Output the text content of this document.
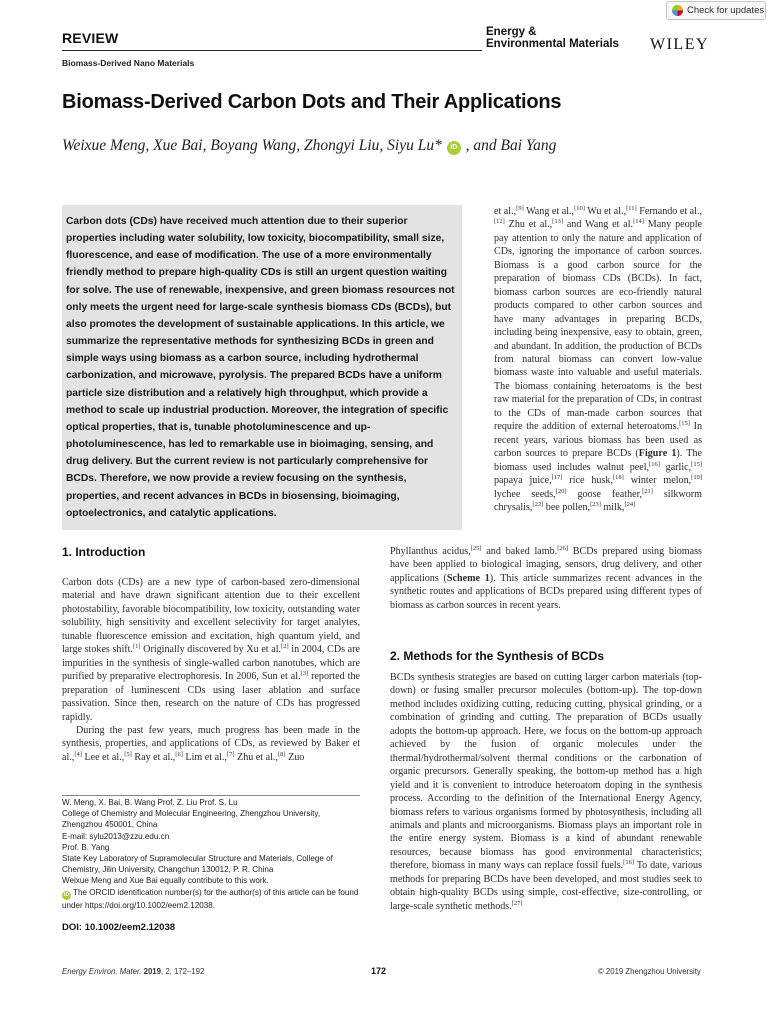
Check for updates
REVIEW	Energy &
Environmental Materials WILEY
Biomass-Derived Nano Materials
Biomass-Derived Carbon Dots and Their Applications
Weixue Meng, Xue Bai, Boyang Wang, Zhongyi Liu, Siyu Lu* iD , and Bai Yang

Carbon dots (CDs) have received much attention due to their superior properties including water solubility, low toxicity, biocompatibility, small size, fluorescence, and ease of modification. The use of a more environmentally friendly method to prepare high-quality CDs is still an urgent question waiting for solve. The use of renewable, inexpensive, and green biomass resources not only meets the urgent need for large-scale synthesis biomass CDs (BCDs), but also promotes the development of sustainable applications. In this article, we summarize the representative methods for synthesizing BCDs in green and simple ways using biomass as a carbon source, including hydrothermal carbonization, and microwave, pyrolysis. The prepared BCDs have a uniform particle size distribution and a relatively high throughput, which provide a method to scale up industrial production. Moreover, the integration of specific optical properties, that is, tunable photoluminescence and up-photoluminescence, has led to remarkable use in bioimaging, sensing, and drug delivery. But the current review is not particularly comprehensive for BCDs. Therefore, we now provide a review focusing on the synthesis, properties, and recent advances in BCDs in biosensing, bioimaging, optoelectronics, and catalytic applications.

et al.,[9] Wang et al.,[10] Wu et al.,[11] Fernando et al.,[12] Zhu et al.,[13] and Wang et al.[14] Many people pay attention to only the nature and application of CDs, ignoring the importance of carbon sources. Biomass is a good carbon source for the preparation of biomass CDs (BCDs). In fact, biomass carbon sources are eco-friendly natural products compared to other carbon sources and have many advantages in preparing BCDs, including being inexpensive, easy to obtain, green, and abundant. In addition, the production of BCDs from natural biomass can convert low-value biomass waste into valuable and useful materials. The biomass containing heteroatoms is the best raw material for the preparation of CDs, in contrast to the CDs of man-made carbon sources that require the addition of external heteroatoms.[15] In recent years, various biomass has been used as carbon sources to prepare BCDs (Figure 1). The biomass used includes walnut peel,[16] garlic,[15] papaya juice,[17] rice husk,[18] winter melon,[19] lychee seeds,[20] goose feather,[21] silkworm chrysalis,[22] bee pollen,[23] milk,[24]
Phyllanthus acidus,[25] and baked lamb.[26] BCDs prepared using biomass have been applied to biological imaging, sensors, drug delivery, and other applications (Scheme 1). This article summarizes recent advances in the synthetic routes and applications of BCDs prepared using different types of biomass as carbon sources in recent years.
1. Introduction

Carbon dots (CDs) are a new type of carbon-based zero-dimensional material and have drawn significant attention due to their excellent photostability, favorable biocompatibility, low toxicity, outstanding water solubility, high sensitivity and excellent selectivity for target analytes, tunable fluorescence emission and excitation, high quantum yield, and large stokes shift.[1] Originally discovered by Xu et al.[2] in 2004, CDs are impurities in the synthesis of single-walled carbon nanotubes, which are purified by preparative electrophoresis. In 2006, Sun et al.[3] reported the preparation of luminescent CDs using laser ablation and surface passivation. Since then, research on the nature of CDs has progressed rapidly.

During the past few years, much progress has been made in the synthesis, properties, and applications of CDs, as reviewed by Baker et al.,[4] Lee et al.,[5] Ray et al.,[6] Lim et al.,[7] Zhu et al.,[8] Zuo

2. Methods for the Synthesis of BCDs

BCDs synthesis strategies are based on cutting larger carbon materials (top-down) or fusing smaller precursor molecules (bottom-up). The top-down method includes oxidizing cutting, reducing cutting, physical grinding, or a combination of grinding and cutting. The preparation of BCDs usually adopts the bottom-up approach. Here, we focus on the bottom-up approach achieved by the fusion of organic molecules under the thermal/hydrothermal/solvent thermal conditions or the carbonation of organic precursors. Generally speaking, the bottom-up method has a high yield and it is convenient to introduce heteroatom doping in the synthesis process. According to the definition of the International Energy Agency, biomass refers to various organisms formed by photosynthesis, including all animals and plants and microorganisms. Biomass plays an important role in the entire energy system. Biomass is a kind of abundant renewable resources, because biomass has good environmental characteristics; therefore, biomass in many ways can replace fossil fuels.[16] To date, various methods for preparing BCDs have been developed, and most studies seek to obtain high-quality BCDs using simple, cost-effective, size-controlling, or large-scale synthetic methods.[27]

W. Meng, X. Bai, B. Wang Prof. Z. Liu Prof. S. Lu
College of Chemistry and Molecular Engineering, Zhengzhou University, Zhengzhou 450001, China
E-mail: sylu2013@zzu.edu.cn
Prof. B. Yang
State Key Laboratory of Supramolecular Structure and Materials, College of Chemistry, Jilin University, Changchun 130012, P. R. China
Weixue Meng and Xue Bai equally contribute to this work.
iD The ORCID identification number(s) for the author(s) of this article can be found under https://doi.org/10.1002/eem2.12038.
DOI: 10.1002/eem2.12038
Energy Environ. Mater. 2019, 2, 172–192	172	© 2019 Zhengzhou University
